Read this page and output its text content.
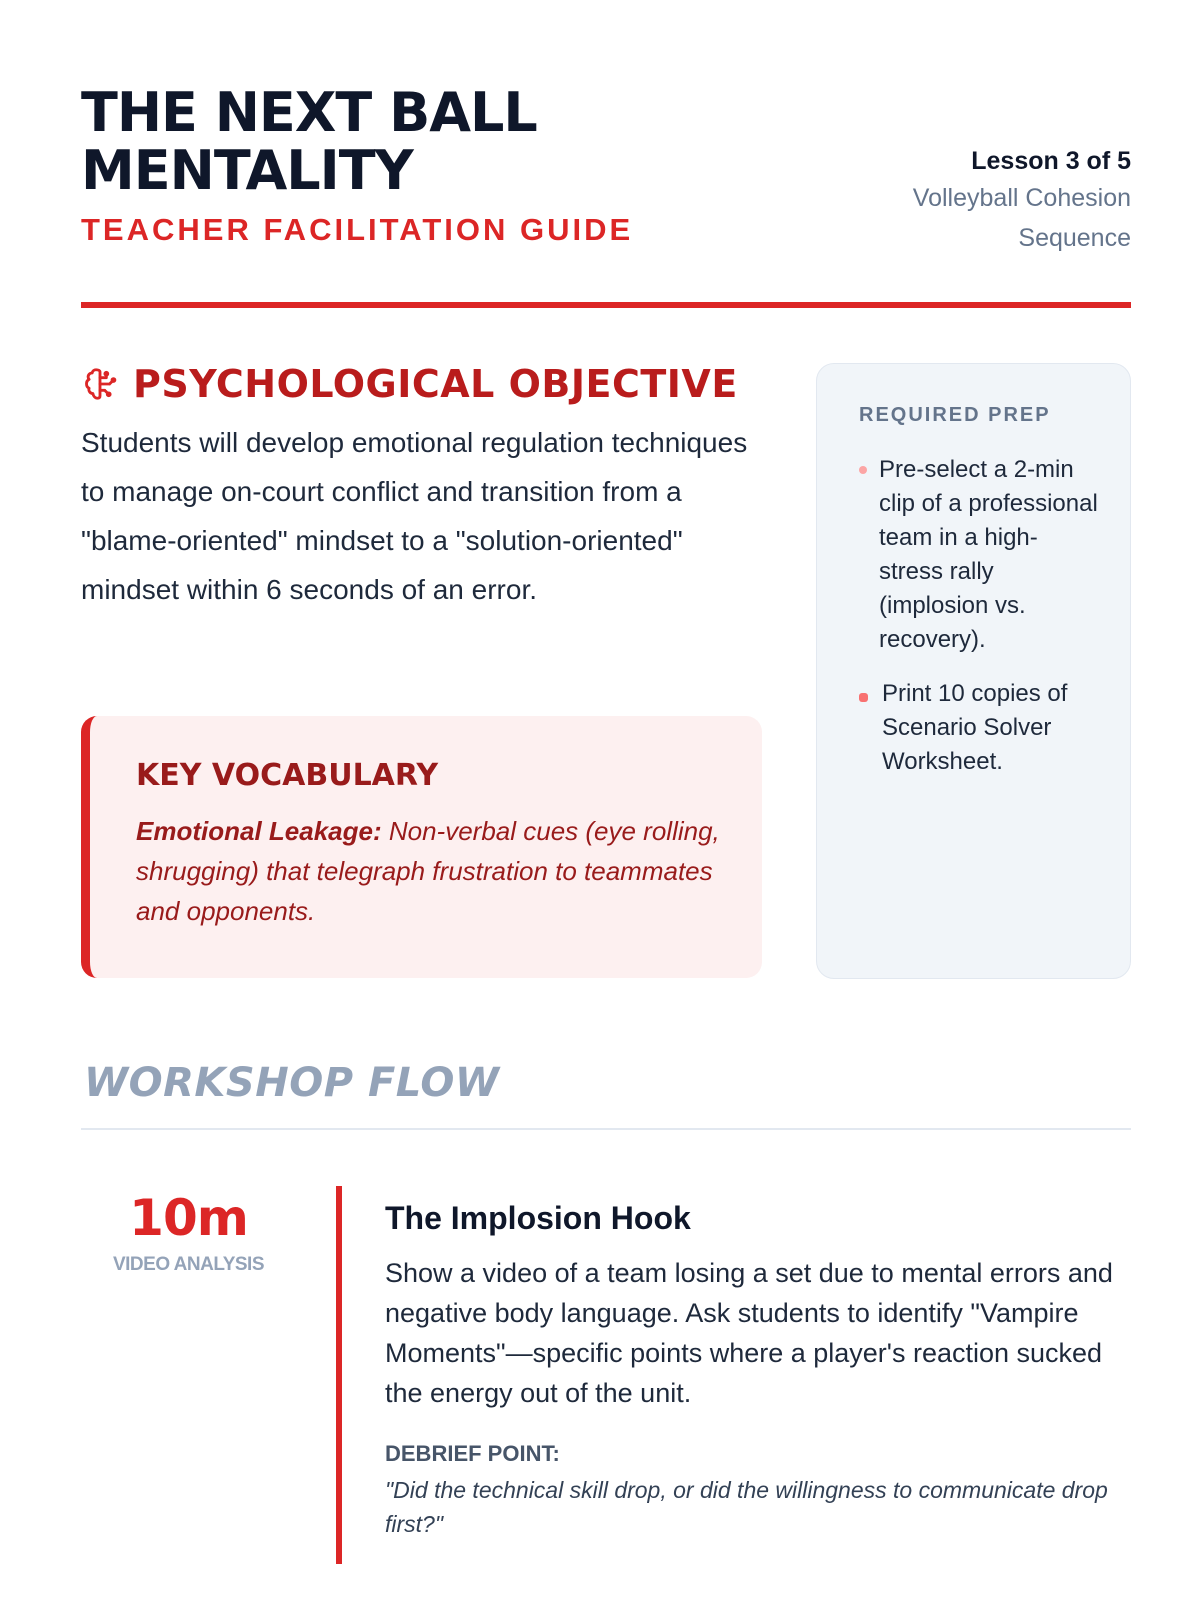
THE NEXT BALL
MENTALITY
TEACHER FACILITATION GUIDE
Lesson 3 of 5
Volleyball Cohesion
Sequence
PSYCHOLOGICAL OBJECTIVE

Students will develop emotional regulation techniques to manage on-court conflict and transition from a "blame-oriented" mindset to a "solution-oriented" mindset within 6 seconds of an error.

KEY VOCABULARY

Emotional Leakage: Non-verbal cues (eye rolling, shrugging) that telegraph frustration to teammates and opponents.

REQUIRED PREP
Pre-select a 2-min clip of a professional team in a high-stress rally (implosion vs. recovery).
Print 10 copies of Scenario Solver Worksheet.
WORKSHOP FLOW
10m
VIDEO ANALYSIS
The Implosion Hook

Show a video of a team losing a set due to mental errors and negative body language. Ask students to identify "Vampire Moments"—specific points where a player's reaction sucked the energy out of the unit.

DEBRIEF POINT:

"Did the technical skill drop, or did the willingness to communicate drop first?"
